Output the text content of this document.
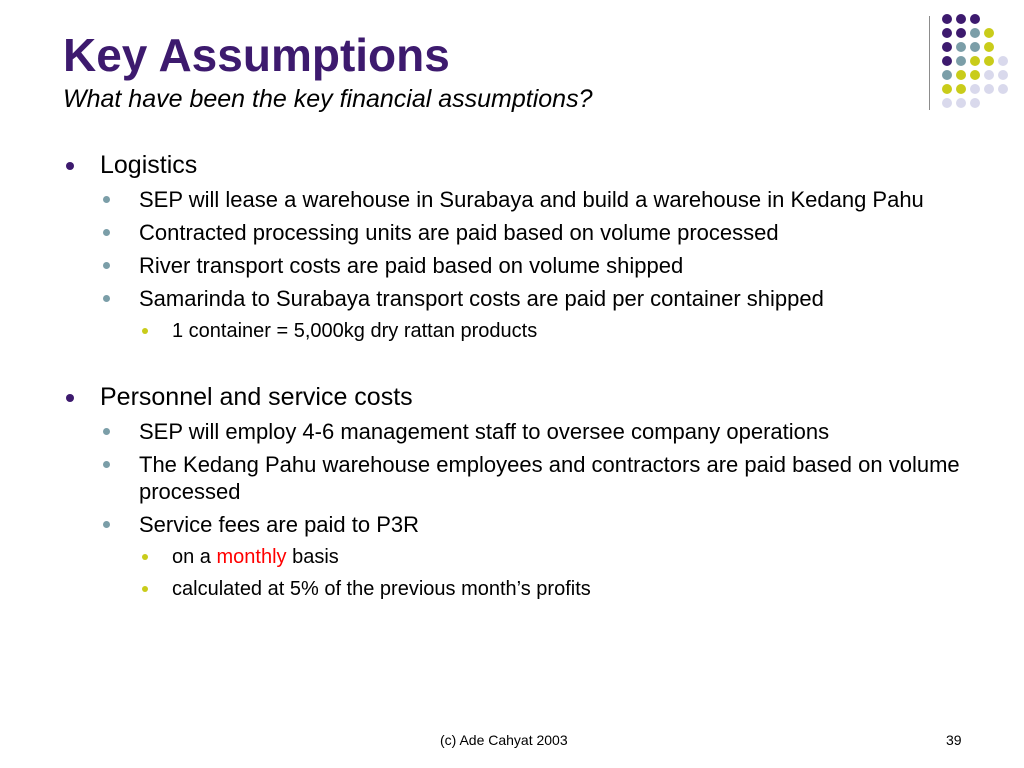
Key Assumptions
What have been the key financial assumptions?
Logistics
SEP will lease a warehouse in Surabaya and build a warehouse in Kedang Pahu
Contracted processing units are paid based on volume processed
River transport costs are paid based on volume shipped
Samarinda to Surabaya transport costs are paid per container shipped
1 container = 5,000kg dry rattan products
Personnel and service costs
SEP will employ 4-6 management staff to oversee company operations
The Kedang Pahu warehouse employees and contractors are paid based on volume processed
Service fees are paid to P3R
on a monthly basis
calculated at 5% of the previous month’s profits
(c) Ade Cahyat 2003	39
